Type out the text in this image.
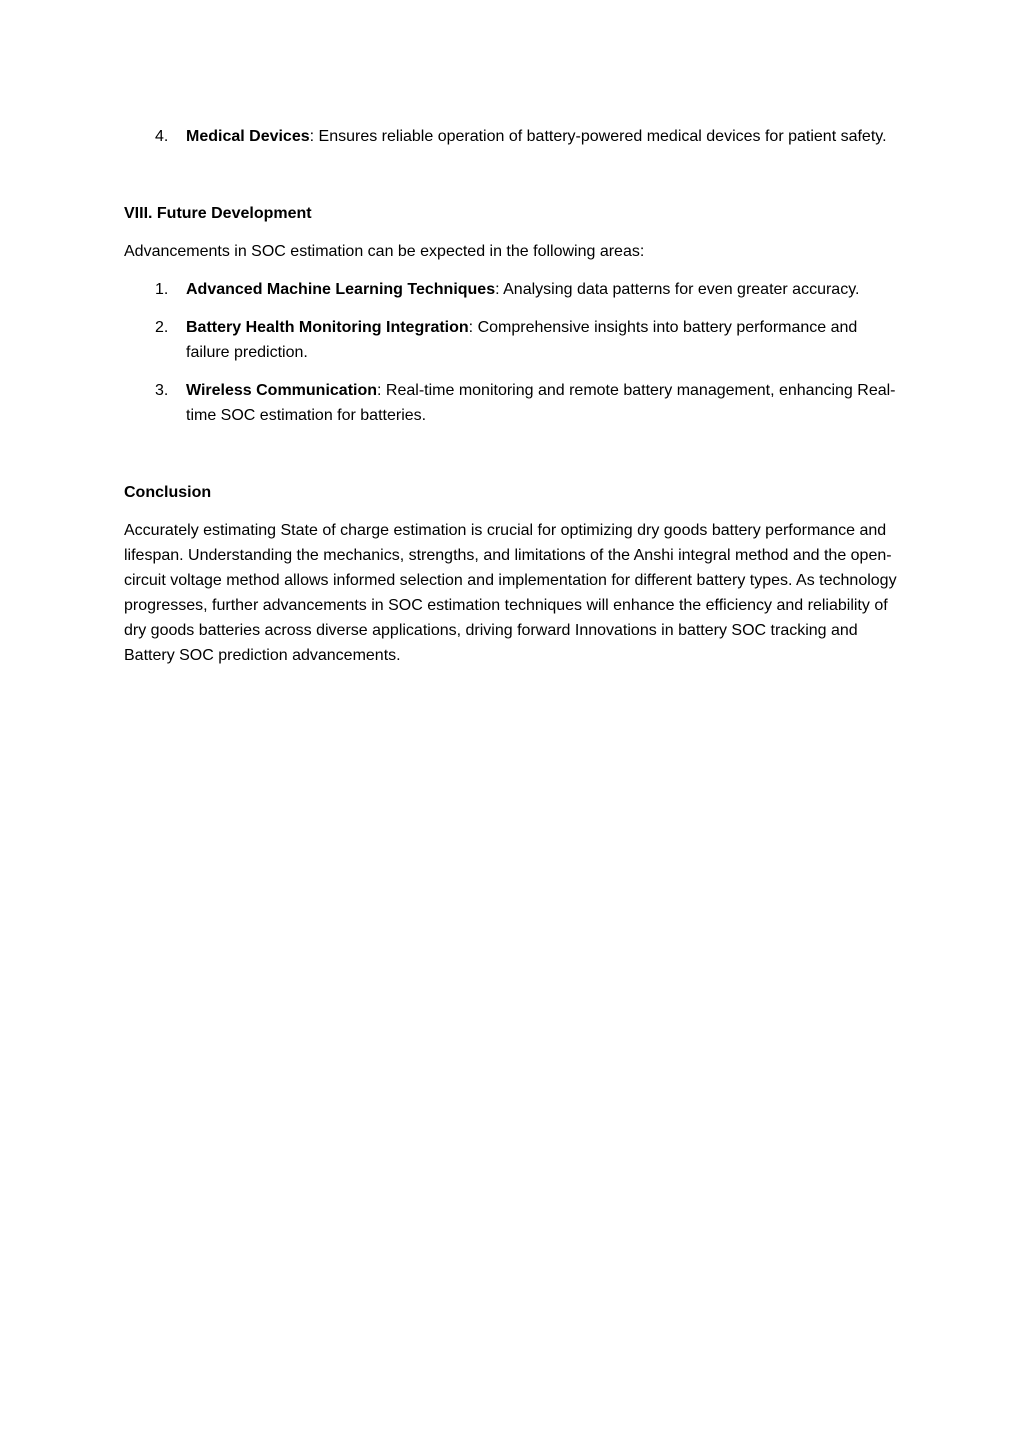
4. Medical Devices: Ensures reliable operation of battery-powered medical devices for patient safety.
VIII. Future Development
Advancements in SOC estimation can be expected in the following areas:
1. Advanced Machine Learning Techniques: Analysing data patterns for even greater accuracy.
2. Battery Health Monitoring Integration: Comprehensive insights into battery performance and failure prediction.
3. Wireless Communication: Real-time monitoring and remote battery management, enhancing Real-time SOC estimation for batteries.
Conclusion
Accurately estimating State of charge estimation is crucial for optimizing dry goods battery performance and lifespan. Understanding the mechanics, strengths, and limitations of the Anshi integral method and the open-circuit voltage method allows informed selection and implementation for different battery types. As technology progresses, further advancements in SOC estimation techniques will enhance the efficiency and reliability of dry goods batteries across diverse applications, driving forward Innovations in battery SOC tracking and Battery SOC prediction advancements.
